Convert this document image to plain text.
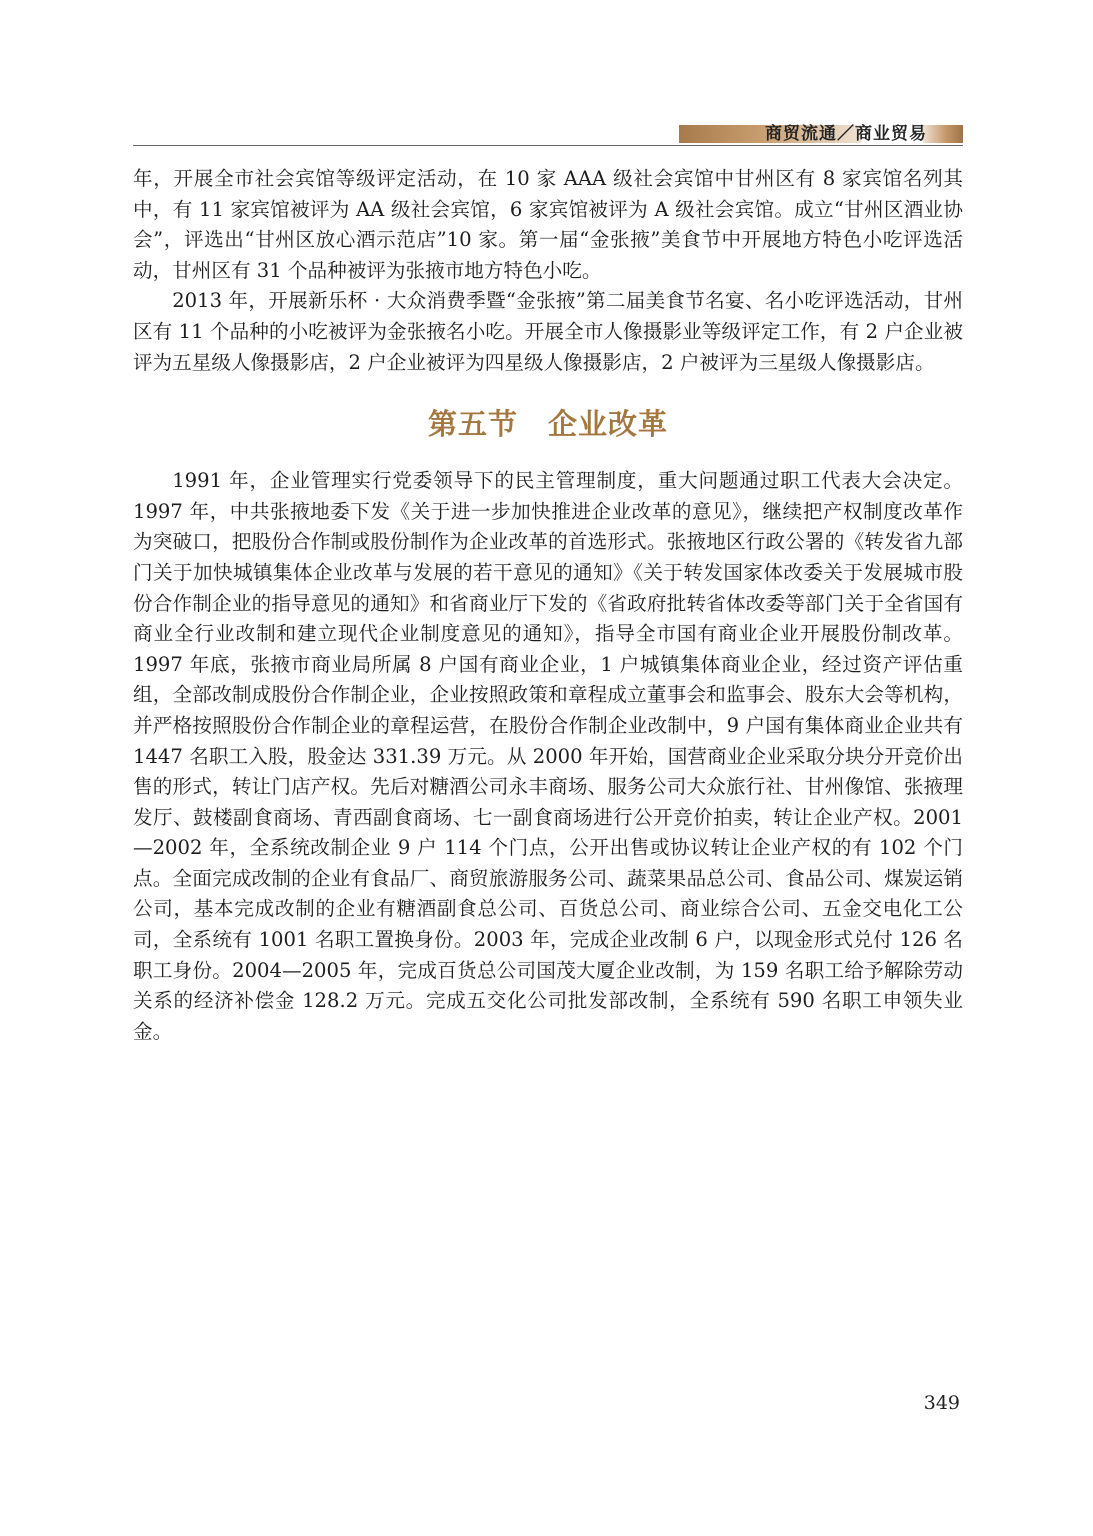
商贸流通／商业贸易

年，开展全市社会宾馆等级评定活动，在 10 家 AAA 级社会宾馆中甘州区有 8 家宾馆名列其中，有 11 家宾馆被评为 AA 级社会宾馆，6 家宾馆被评为 A 级社会宾馆。成立“甘州区酒业协会”，评选出“甘州区放心酒示范店”10 家。第一届“金张掖”美食节中开展地方特色小吃评选活动，甘州区有 31 个品种被评为张掖市地方特色小吃。

2013 年，开展新乐杯 · 大众消费季暨“金张掖”第二届美食节名宴、名小吃评选活动，甘州区有 11 个品种的小吃被评为金张掖名小吃。开展全市人像摄影业等级评定工作，有 2 户企业被评为五星级人像摄影店，2 户企业被评为四星级人像摄影店，2 户被评为三星级人像摄影店。

第五节　企业改革

1991 年，企业管理实行党委领导下的民主管理制度，重大问题通过职工代表大会决定。1997 年，中共张掖地委下发《关于进一步加快推进企业改革的意见》，继续把产权制度改革作为突破口，把股份合作制或股份制作为企业改革的首选形式。张掖地区行政公署的《转发省九部门关于加快城镇集体企业改革与发展的若干意见的通知》《关于转发国家体改委关于发展城市股份合作制企业的指导意见的通知》和省商业厅下发的《省政府批转省体改委等部门关于全省国有商业全行业改制和建立现代企业制度意见的通知》，指导全市国有商业企业开展股份制改革。1997 年底，张掖市商业局所属 8 户国有商业企业，1 户城镇集体商业企业，经过资产评估重组，全部改制成股份合作制企业，企业按照政策和章程成立董事会和监事会、股东大会等机构，并严格按照股份合作制企业的章程运营，在股份合作制企业改制中，9 户国有集体商业企业共有 1447 名职工入股，股金达 331.39 万元。从 2000 年开始，国营商业企业采取分块分开竞价出售的形式，转让门店产权。先后对糖酒公司永丰商场、服务公司大众旅行社、甘州像馆、张掖理发厅、鼓楼副食商场、青西副食商场、七一副食商场进行公开竞价拍卖，转让企业产权。2001—2002 年，全系统改制企业 9 户 114 个门点，公开出售或协议转让企业产权的有 102 个门点。全面完成改制的企业有食品厂、商贸旅游服务公司、蔬菜果品总公司、食品公司、煤炭运销公司，基本完成改制的企业有糖酒副食总公司、百货总公司、商业综合公司、五金交电化工公司，全系统有 1001 名职工置换身份。2003 年，完成企业改制 6 户，以现金形式兑付 126 名职工身份。2004—2005 年，完成百货总公司国茂大厦企业改制，为 159 名职工给予解除劳动关系的经济补偿金 128.2 万元。完成五交化公司批发部改制，全系统有 590 名职工申领失业金。

349
